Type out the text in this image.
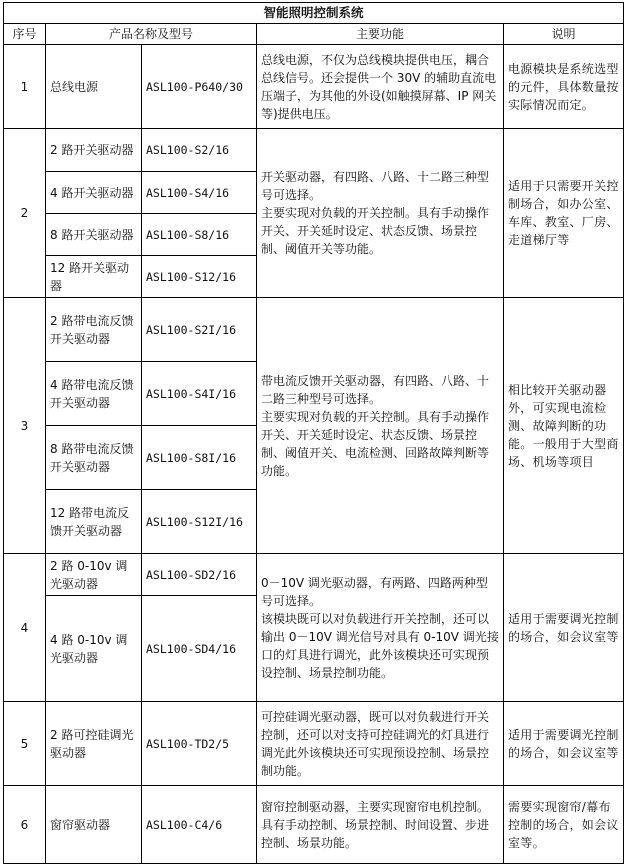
智能照明控制系统				
序号	产品名称及型号		主要功能	说明
1	总线电源	ASL100-P640/30	总线电源，不仅为总线模块提供电压，耦合总线信号。还会提供一个 30V 的辅助直流电压端子，为其他的外设(如触摸屏幕、IP 网关等)提供电压。	电源模块是系统选型的元件，具体数量按实际情况而定。
2	2 路开关驱动器	ASL100-S2/16	开关驱动器，有四路、八路、十二路三种型号可选择。
主要实现对负载的开关控制。具有手动操作开关、开关延时设定、状态反馈、场景控制、阈值开关等功能。	适用于只需要开关控制场合，如办公室、车库、教室、厂房、走道梯厅等
	4 路开关驱动器	ASL100-S4/16		
	8 路开关驱动器	ASL100-S8/16		
	12 路开关驱动器	ASL100-S12/16		
3	2 路带电流反馈开关驱动器	ASL100-S2I/16	带电流反馈开关驱动器，有四路、八路、十二路三种型号可选择。
主要实现对负载的开关控制。具有手动操作开关、开关延时设定、状态反馈、场景控制、阈值开关、电流检测、回路故障判断等功能。	相比较开关驱动器外，可实现电流检测、故障判断的功能。一般用于大型商场、机场等项目
	4 路带电流反馈开关驱动器	ASL100-S4I/16		
	8 路带电流反馈开关驱动器	ASL100-S8I/16		
	12 路带电流反馈开关驱动器	ASL100-S12I/16		
4	2 路 0-10v 调光驱动器	ASL100-SD2/16	0－10V 调光驱动器，有两路、四路两种型号可选择。
该模块既可以对负载进行开关控制，还可以输出 0－10V 调光信号对具有 0-10V 调光接口的灯具进行调光，此外该模块还可实现预设控制、场景控制功能。	适用于需要调光控制的场合，如会议室等
	4 路 0-10v 调光驱动器	ASL100-SD4/16		
5	2 路可控硅调光驱动器	ASL100-TD2/5	可控硅调光驱动器，既可以对负载进行开关控制，还可以对支持可控硅调光的灯具进行调光此外该模块还可实现预设控制、场景控制功能。	适用于需要调光控制的场合，如会议室等
6	窗帘驱动器	ASL100-C4/6	窗帘控制驱动器，主要实现窗帘电机控制。具有手动控制、场景控制、时间设置、步进控制、场景功能。	需要实现窗帘/幕布控制的场合，如会议室等。
